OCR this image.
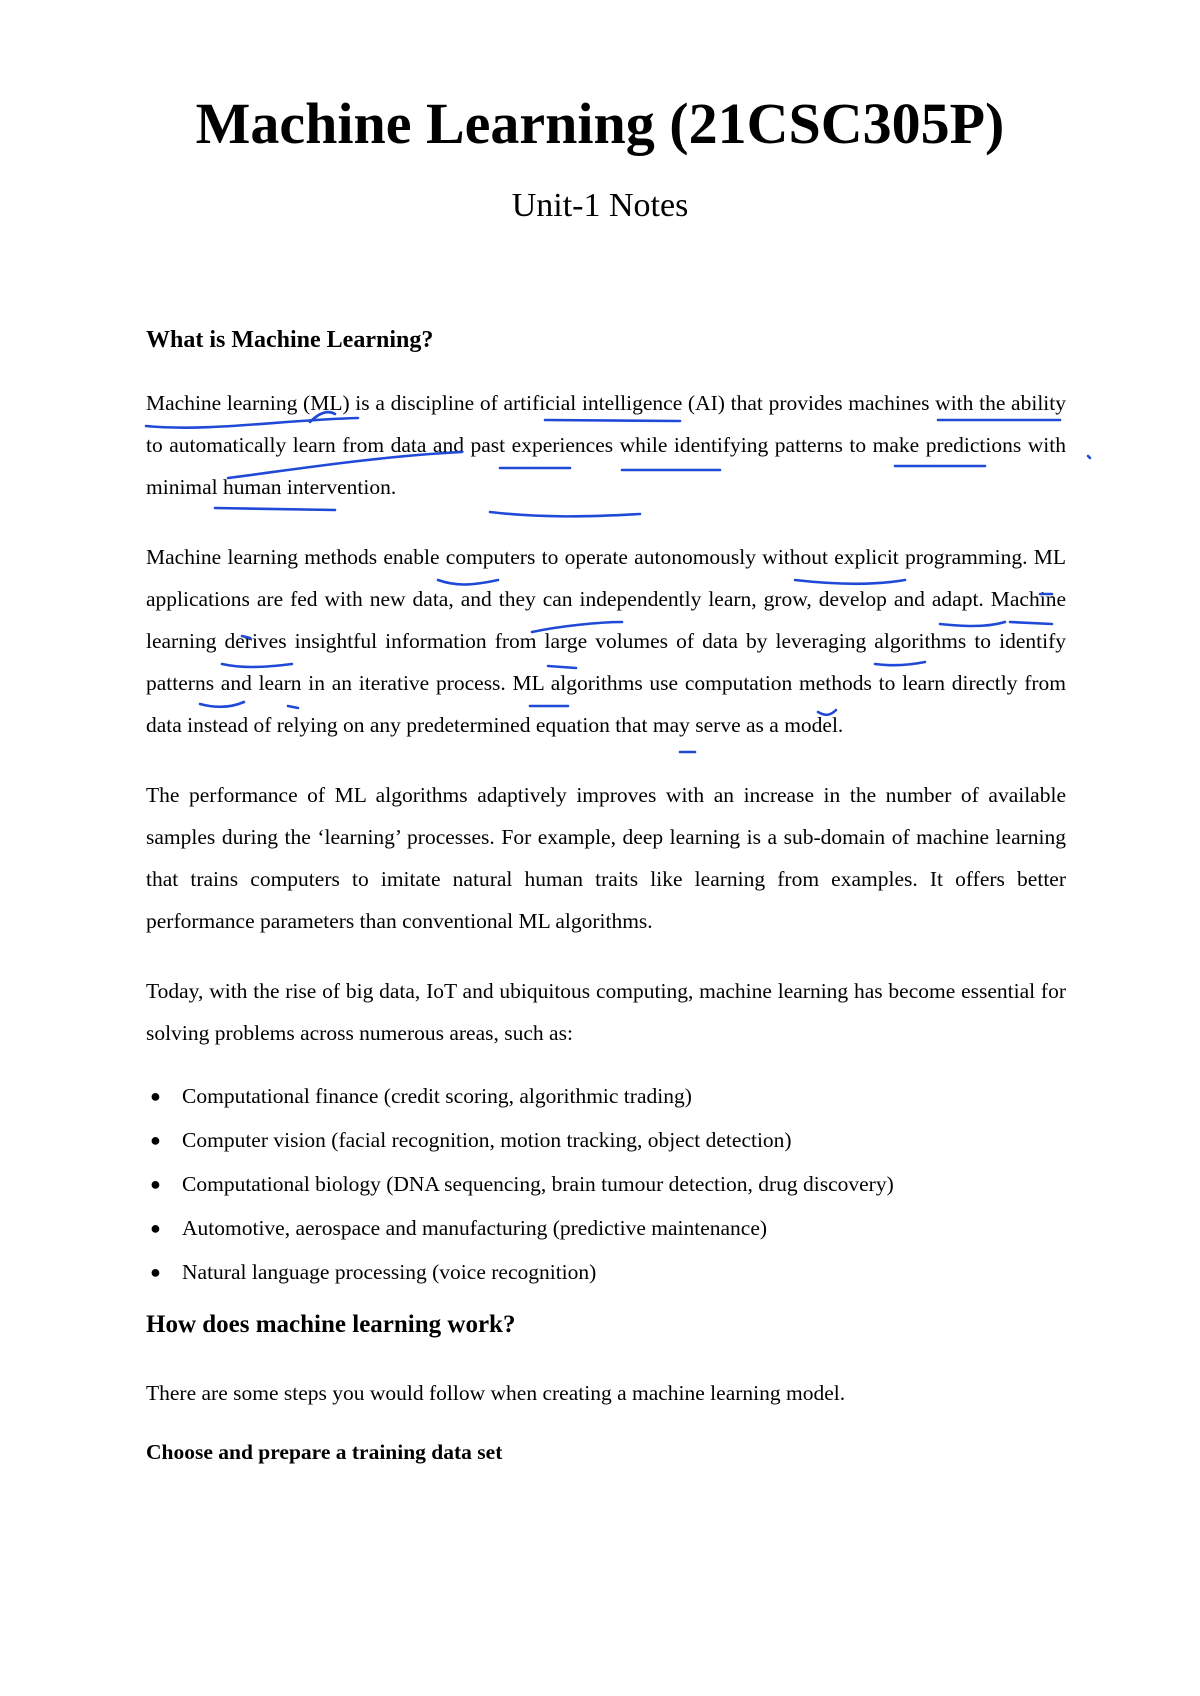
Machine Learning (21CSC305P)
Unit-1 Notes
What is Machine Learning?

Machine learning (ML) is a discipline of artificial intelligence (AI) that provides machines with the ability to automatically learn from data and past experiences while identifying patterns to make predictions with minimal human intervention.

Machine learning methods enable computers to operate autonomously without explicit programming. ML applications are fed with new data, and they can independently learn, grow, develop and adapt. Machine learning derives insightful information from large volumes of data by leveraging algorithms to identify patterns and learn in an iterative process. ML algorithms use computation methods to learn directly from data instead of relying on any predetermined equation that may serve as a model.

The performance of ML algorithms adaptively improves with an increase in the number of available samples during the ‘learning’ processes. For example, deep learning is a sub-domain of machine learning that trains computers to imitate natural human traits like learning from examples. It offers better performance parameters than conventional ML algorithms.

Today, with the rise of big data, IoT and ubiquitous computing, machine learning has become essential for solving problems across numerous areas, such as:

● Computational finance (credit scoring, algorithmic trading)
● Computer vision (facial recognition, motion tracking, object detection)
● Computational biology (DNA sequencing, brain tumour detection, drug discovery)
● Automotive, aerospace and manufacturing (predictive maintenance)
● Natural language processing (voice recognition)
How does machine learning work?

There are some steps you would follow when creating a machine learning model.

Choose and prepare a training data set
